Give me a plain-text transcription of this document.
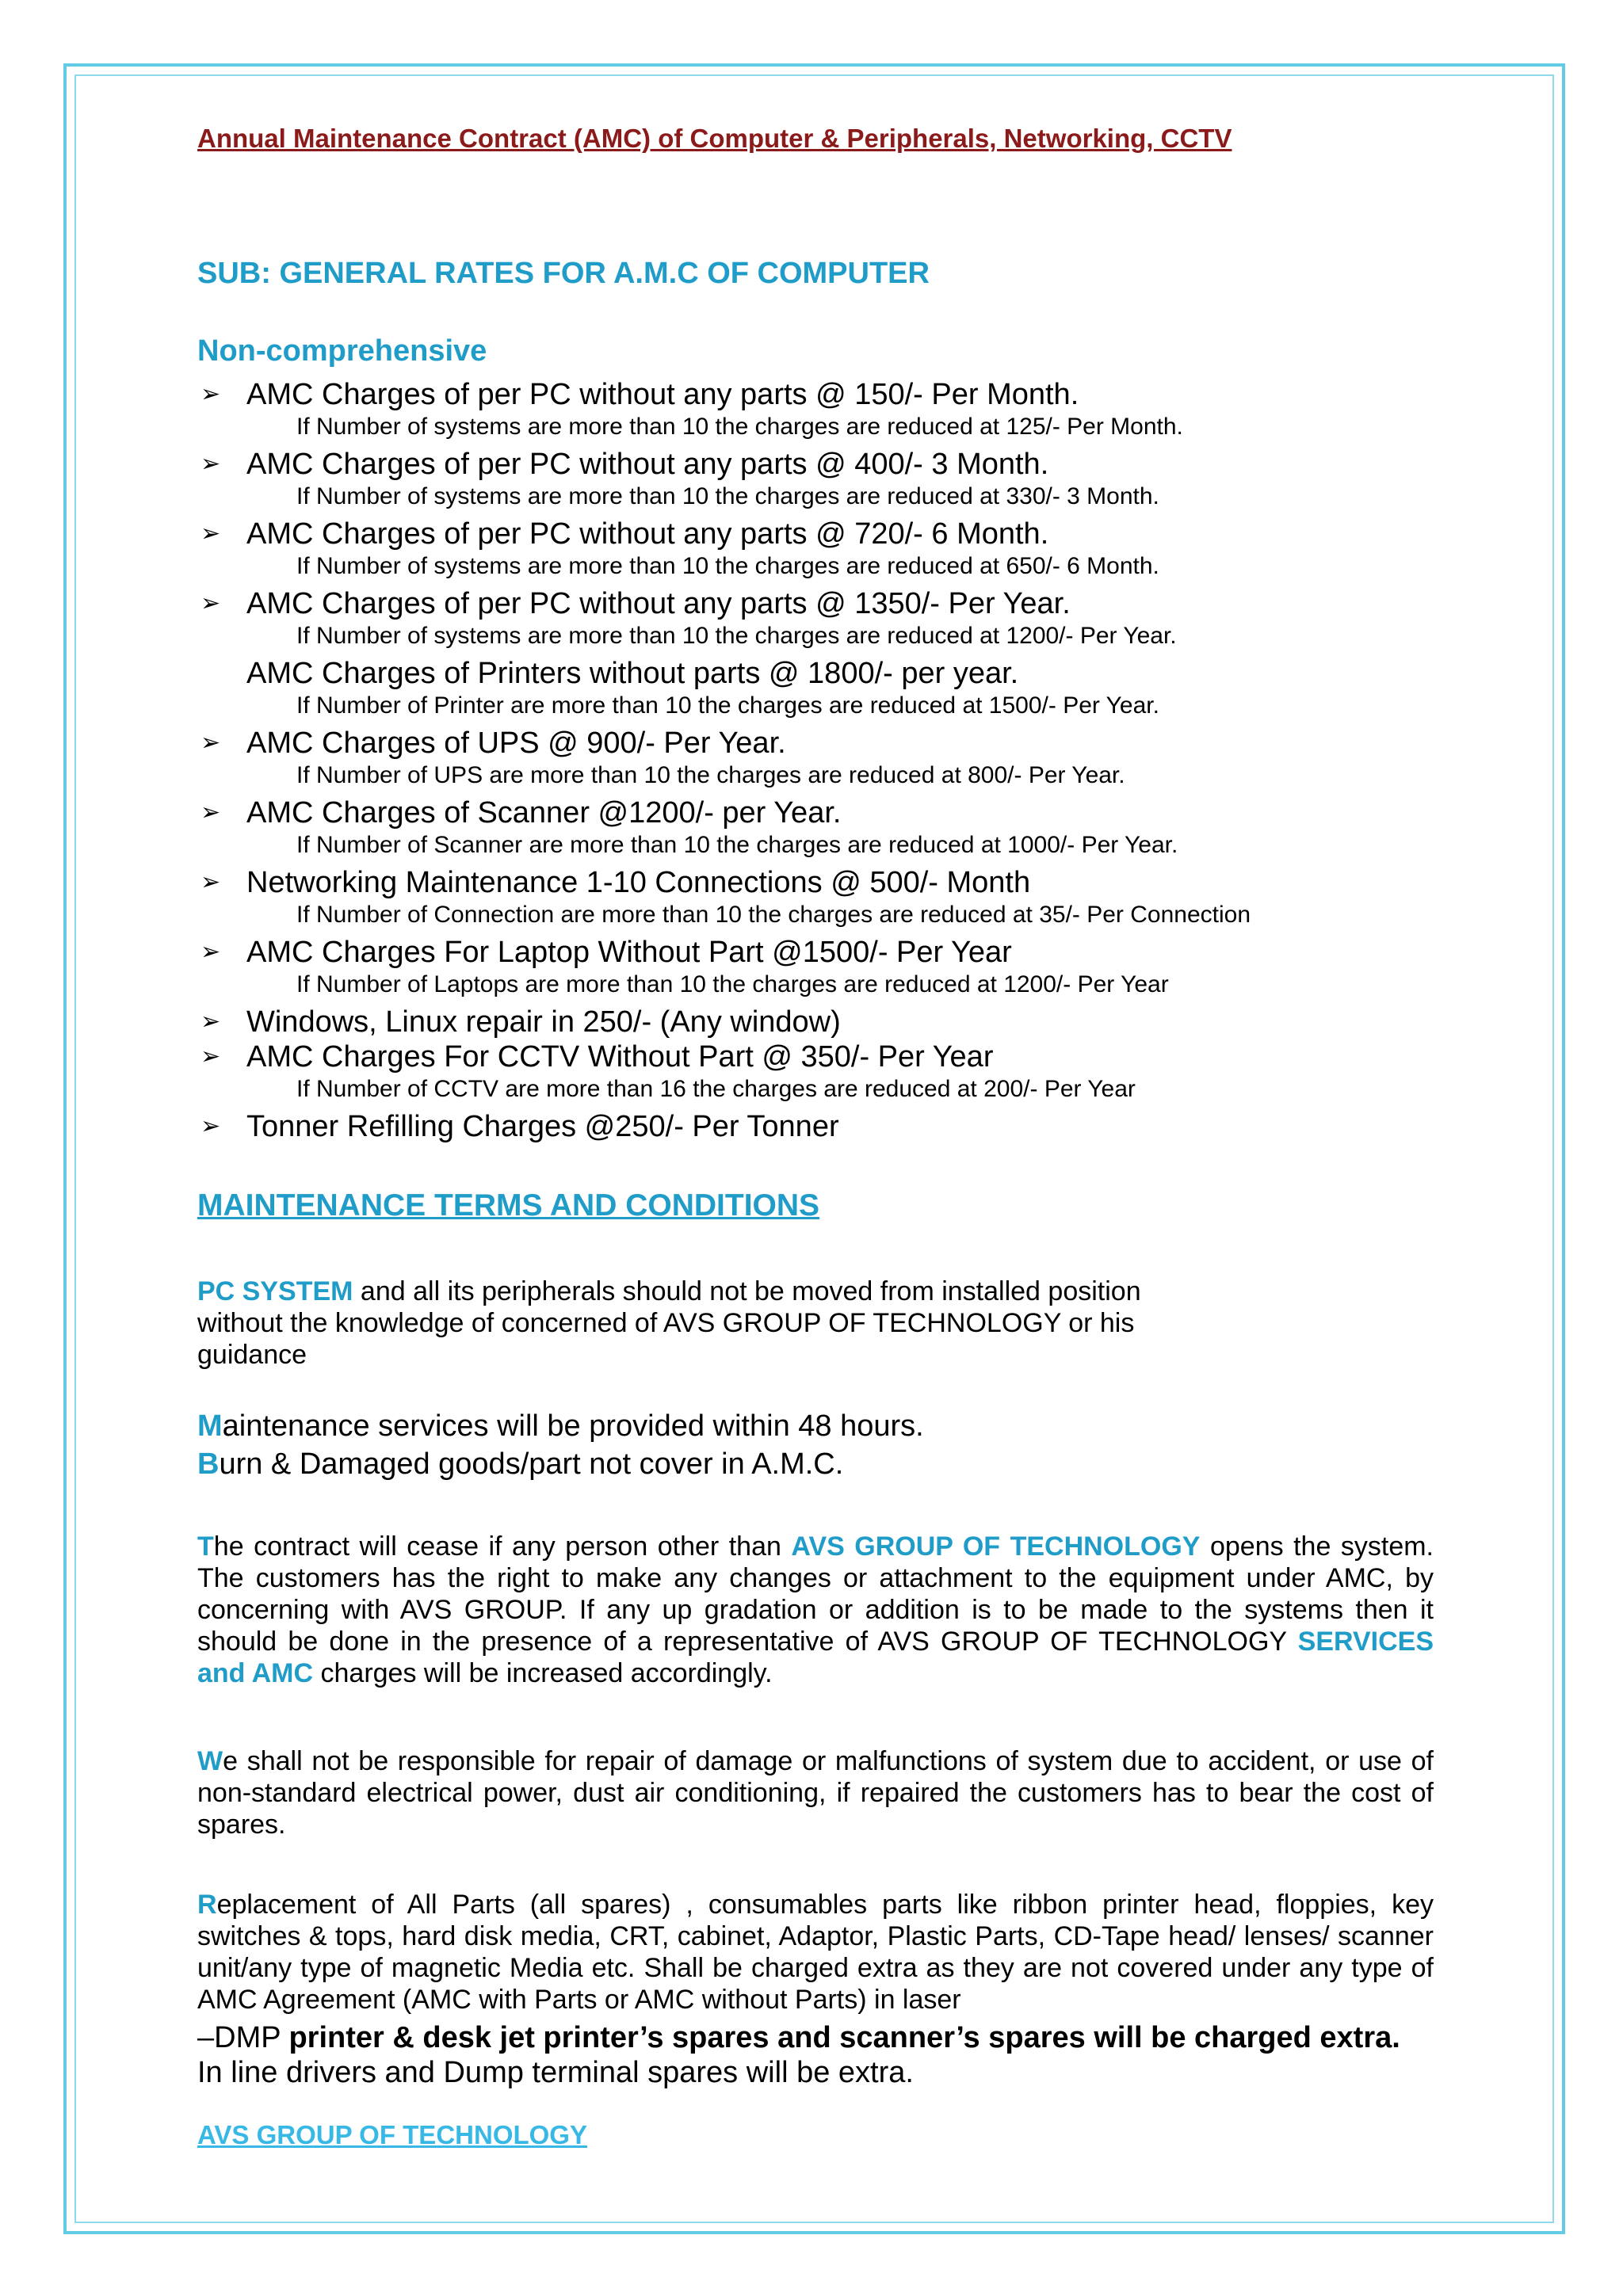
Annual Maintenance Contract (AMC) of Computer & Peripherals, Networking, CCTV
SUB: GENERAL RATES FOR A.M.C OF COMPUTER
Non-comprehensive
➢ AMC Charges of per PC without any parts @ 150/- Per Month.
If Number of systems are more than 10 the charges are reduced at 125/- Per Month.
➢ AMC Charges of per PC without any parts @ 400/- 3 Month.
If Number of systems are more than 10 the charges are reduced at 330/- 3 Month.
➢ AMC Charges of per PC without any parts @ 720/- 6 Month.
If Number of systems are more than 10 the charges are reduced at 650/- 6 Month.
➢ AMC Charges of per PC without any parts @ 1350/- Per Year.
If Number of systems are more than 10 the charges are reduced at 1200/- Per Year.
AMC Charges of Printers without parts @ 1800/- per year.
If Number of Printer are more than 10 the charges are reduced at 1500/- Per Year.
➢ AMC Charges of UPS @ 900/- Per Year.
If Number of UPS are more than 10 the charges are reduced at 800/- Per Year.
➢ AMC Charges of Scanner @1200/- per Year.
If Number of Scanner are more than 10 the charges are reduced at 1000/- Per Year.
➢ Networking Maintenance 1-10 Connections @ 500/- Month
If Number of Connection are more than 10 the charges are reduced at 35/- Per Connection
➢ AMC Charges For Laptop Without Part @1500/- Per Year
If Number of Laptops are more than 10 the charges are reduced at 1200/- Per Year
➢ Windows, Linux repair in 250/- (Any window)
➢ AMC Charges For CCTV Without Part @ 350/- Per Year
If Number of CCTV are more than 16 the charges are reduced at 200/- Per Year
➢ Tonner Refilling Charges @250/- Per Tonner
MAINTENANCE TERMS AND CONDITIONS
PC SYSTEM and all its peripherals should not be moved from installed position
without the knowledge of concerned of AVS GROUP OF TECHNOLOGY or his
guidance
Maintenance services will be provided within 48 hours.
Burn & Damaged goods/part not cover in A.M.C.
The contract will cease if any person other than AVS GROUP OF TECHNOLOGY opens the system. The customers has the right to make any changes or attachment to the equipment under AMC, by concerning with AVS GROUP. If any up gradation or addition is to be made to the systems then it should be done in the presence of a representative of AVS GROUP OF TECHNOLOGY SERVICES and AMC charges will be increased accordingly.
We shall not be responsible for repair of damage or malfunctions of system due to accident, or use of non-standard electrical power, dust air conditioning, if repaired the customers has to bear the cost of spares.
Replacement of All Parts (all spares) , consumables parts like ribbon printer head, floppies, key switches & tops, hard disk media, CRT, cabinet, Adaptor, Plastic Parts, CD-Tape head/ lenses/ scanner unit/any type of magnetic Media etc. Shall be charged extra as they are not covered under any type of AMC Agreement (AMC with Parts or AMC without Parts) in laser
–DMP printer & desk jet printer’s spares and scanner’s spares will be charged extra.
In line drivers and Dump terminal spares will be extra.
AVS GROUP OF TECHNOLOGY
